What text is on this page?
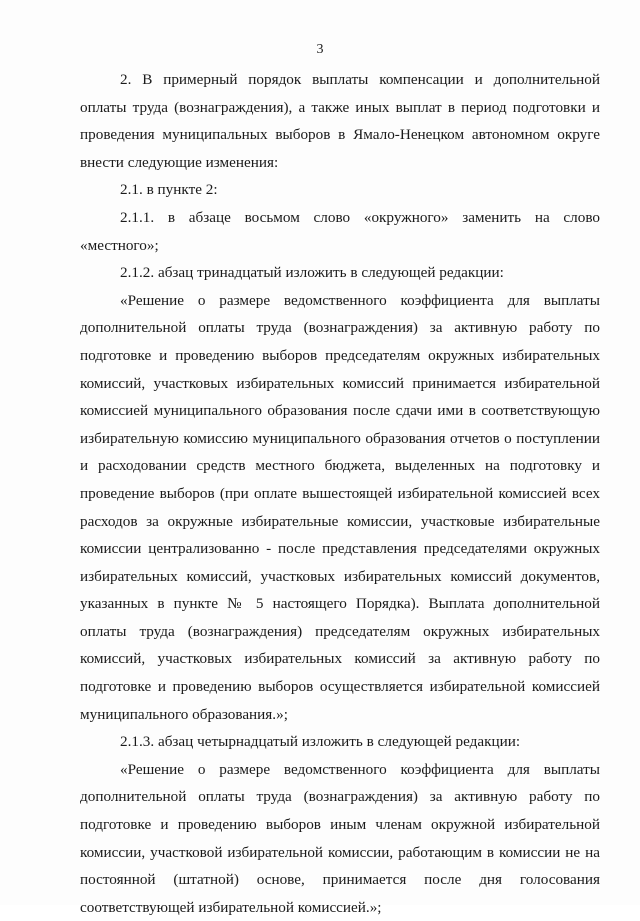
3

2. В примерный порядок выплаты компенсации и дополнительной оплаты труда (вознаграждения), а также иных выплат в период подготовки и проведения муниципальных выборов в Ямало-Ненецком автономном округе внести следующие изменения:

2.1. в пункте 2:

2.1.1. в абзаце восьмом слово «окружного» заменить на слово «местного»;

2.1.2. абзац тринадцатый изложить в следующей редакции:

«Решение о размере ведомственного коэффициента для выплаты дополнительной оплаты труда (вознаграждения) за активную работу по подготовке и проведению выборов председателям окружных избирательных комиссий, участковых избирательных комиссий принимается избирательной комиссией муниципального образования после сдачи ими в соответствующую избирательную комиссию муниципального образования отчетов о поступлении и расходовании средств местного бюджета, выделенных на подготовку и проведение выборов (при оплате вышестоящей избирательной комиссией всех расходов за окружные избирательные комиссии, участковые избирательные комиссии централизованно - после представления председателями окружных избирательных комиссий, участковых избирательных комиссий документов, указанных в пункте № 5 настоящего Порядка). Выплата дополнительной оплаты труда (вознаграждения) председателям окружных избирательных комиссий, участковых избирательных комиссий за активную работу по подготовке и проведению выборов осуществляется избирательной комиссией муниципального образования.»;

2.1.3. абзац четырнадцатый изложить в следующей редакции:

«Решение о размере ведомственного коэффициента для выплаты дополнительной оплаты труда (вознаграждения) за активную работу по подготовке и проведению выборов иным членам окружной избирательной комиссии, участковой избирательной комиссии, работающим в комиссии не на постоянной (штатной) основе, принимается после дня голосования соответствующей избирательной комиссией.»;
